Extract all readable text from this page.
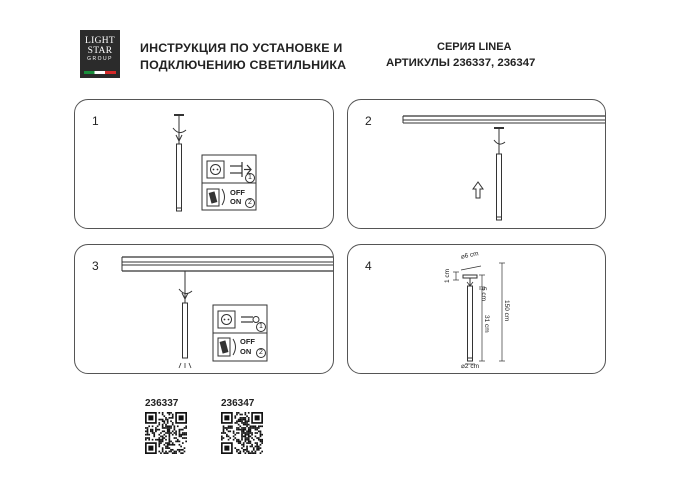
LIGHT
STAR
GROUP
ИНСТРУКЦИЯ ПО УСТАНОВКЕ И
ПОДКЛЮЧЕНИЮ СВЕТИЛЬНИКА
СЕРИЯ LINEA
АРТИКУЛЫ 236337, 236347
1
1
OFF
ON 2
2
3
1
OFF
ON	2
4
⌀6 cm
1 cm
5 cm
31 cm
150 cm
⌀2 cm
236337	236347
